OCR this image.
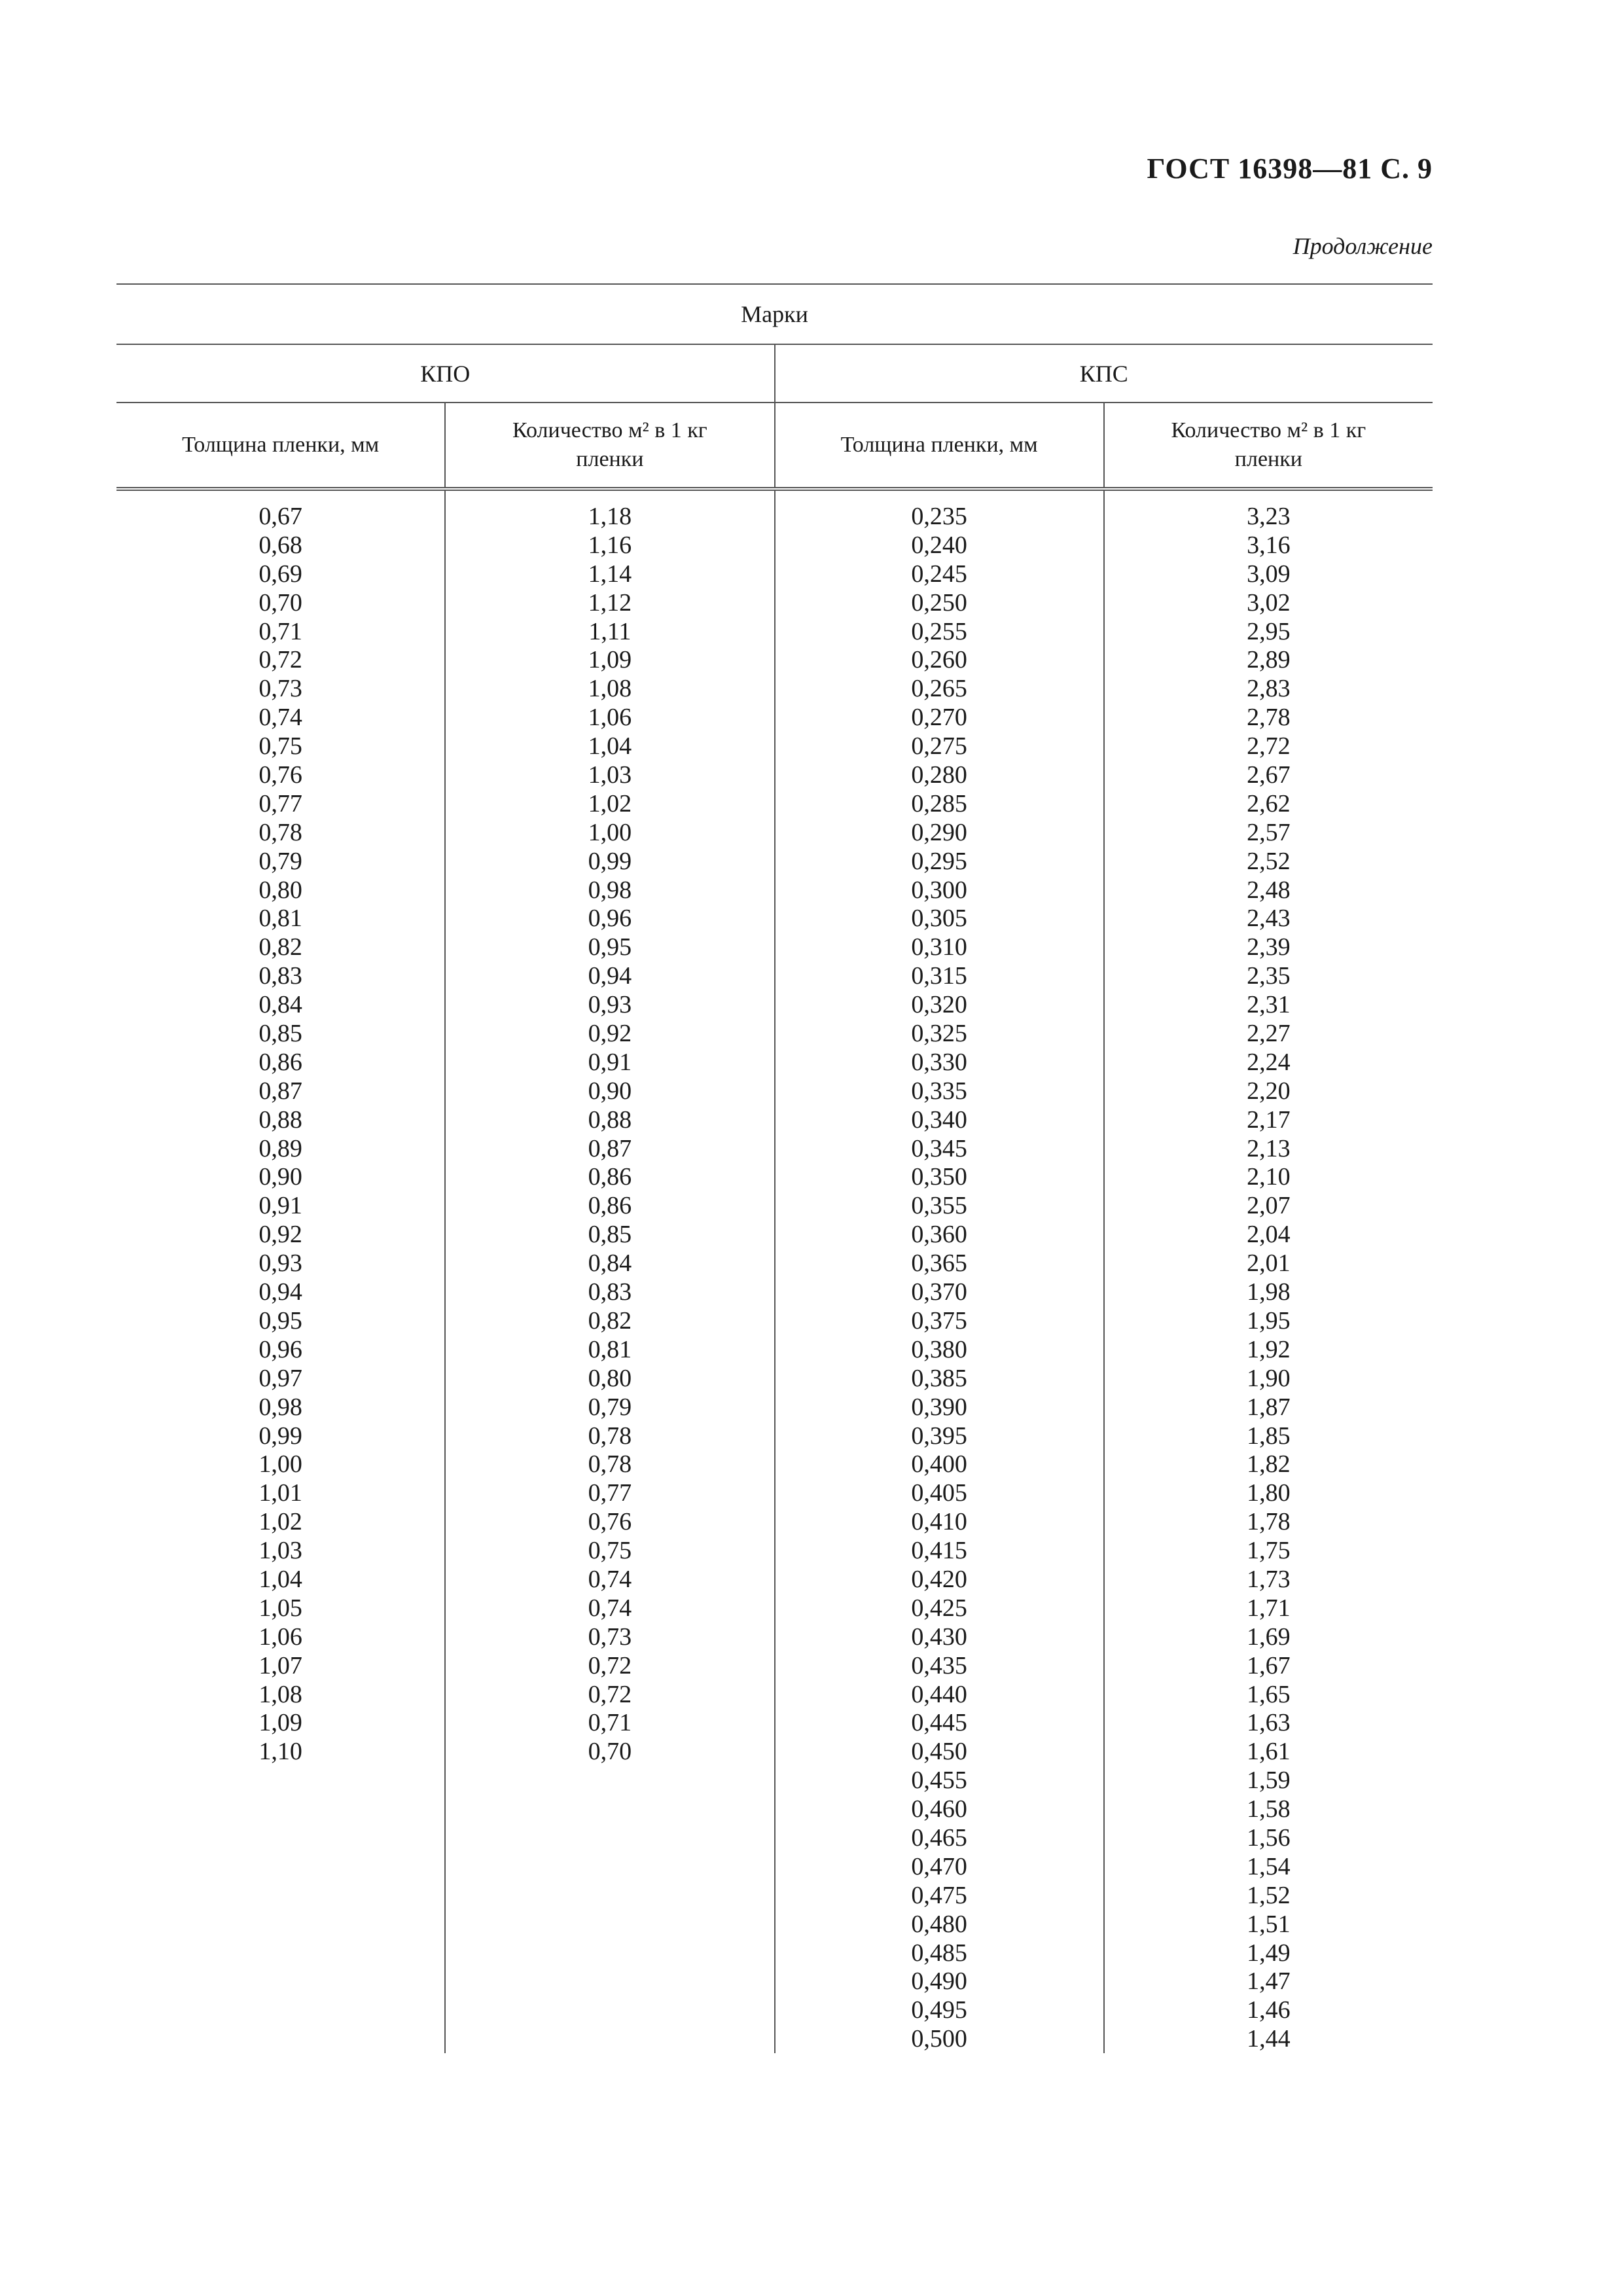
ГОСТ 16398—81 С. 9
Продолжение
Марки
КПО	КПС
Толщина пленки, мм
Количество м² в 1 кг
пленки
Толщина пленки, мм
Количество м² в 1 кг
пленки
0,67
0,68
0,69
0,70
0,71
0,72
0,73
0,74
0,75
0,76
0,77
0,78
0,79
0,80
0,81
0,82
0,83
0,84
0,85
0,86
0,87
0,88
0,89
0,90
0,91
0,92
0,93
0,94
0,95
0,96
0,97
0,98
0,99
1,00
1,01
1,02
1,03
1,04
1,05
1,06
1,07
1,08
1,09
1,10
1,18
1,16
1,14
1,12
1,11
1,09
1,08
1,06
1,04
1,03
1,02
1,00
0,99
0,98
0,96
0,95
0,94
0,93
0,92
0,91
0,90
0,88
0,87
0,86
0,86
0,85
0,84
0,83
0,82
0,81
0,80
0,79
0,78
0,78
0,77
0,76
0,75
0,74
0,74
0,73
0,72
0,72
0,71
0,70
0,235
0,240
0,245
0,250
0,255
0,260
0,265
0,270
0,275
0,280
0,285
0,290
0,295
0,300
0,305
0,310
0,315
0,320
0,325
0,330
0,335
0,340
0,345
0,350
0,355
0,360
0,365
0,370
0,375
0,380
0,385
0,390
0,395
0,400
0,405
0,410
0,415
0,420
0,425
0,430
0,435
0,440
0,445
0,450
0,455
0,460
0,465
0,470
0,475
0,480
0,485
0,490
0,495
0,500
3,23
3,16
3,09
3,02
2,95
2,89
2,83
2,78
2,72
2,67
2,62
2,57
2,52
2,48
2,43
2,39
2,35
2,31
2,27
2,24
2,20
2,17
2,13
2,10
2,07
2,04
2,01
1,98
1,95
1,92
1,90
1,87
1,85
1,82
1,80
1,78
1,75
1,73
1,71
1,69
1,67
1,65
1,63
1,61
1,59
1,58
1,56
1,54
1,52
1,51
1,49
1,47
1,46
1,44
